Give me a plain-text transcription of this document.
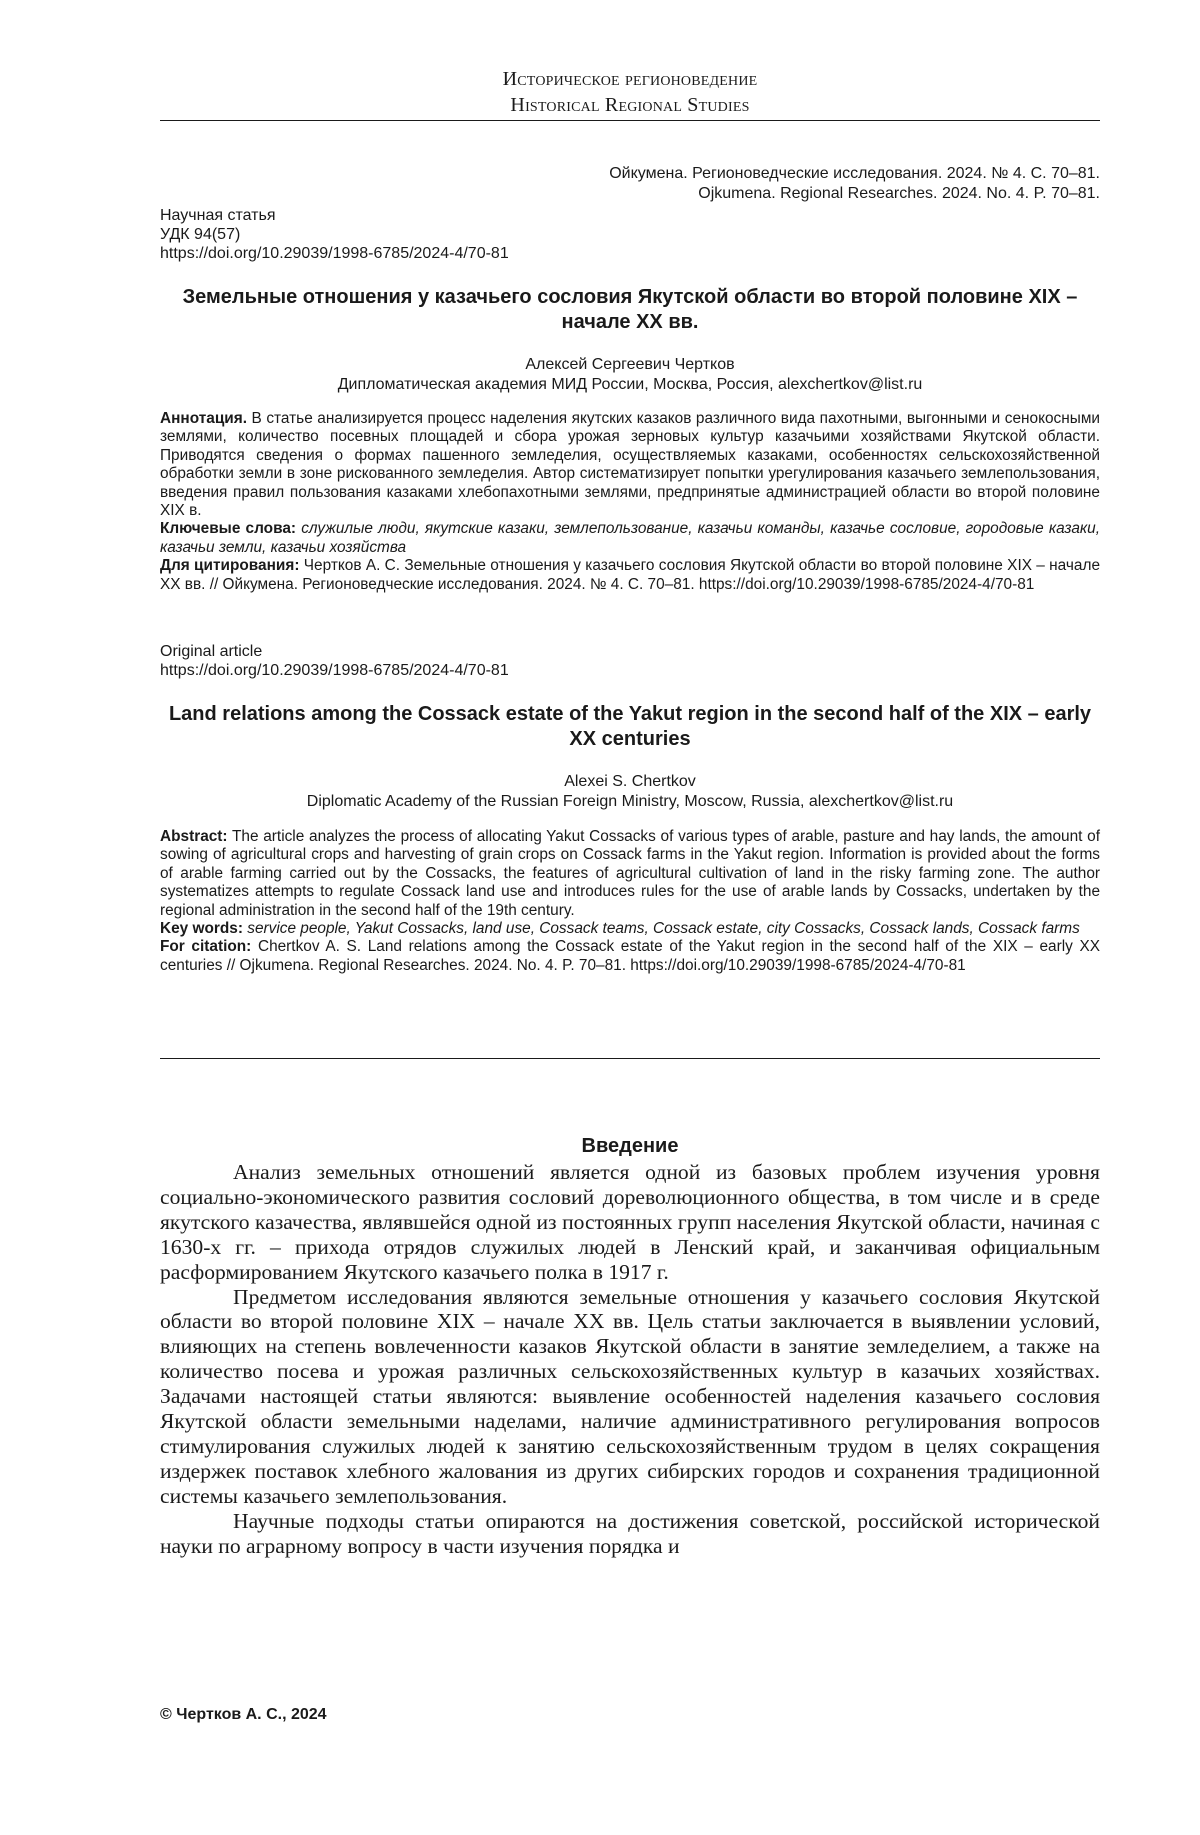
Историческое регионоведение
Historical Regional Studies
Ойкумена. Регионоведческие исследования. 2024. № 4. С. 70–81.
Ojkumena. Regional Researches. 2024. No. 4. P. 70–81.
Научная статья
УДК 94(57)
https://doi.org/10.29039/1998-6785/2024-4/70-81
Земельные отношения у казачьего сословия Якутской области во второй половине XIX – начале XX вв.
Алексей Сергеевич Чертков
Дипломатическая академия МИД России, Москва, Россия, alexchertkov@list.ru
Аннотация. В статье анализируется процесс наделения якутских казаков различного вида пахотными, выгонными и сенокосными землями, количество посевных площадей и сбора урожая зерновых культур казачьими хозяйствами Якутской области. Приводятся сведения о формах пашенного земледелия, осуществляемых казаками, особенностях сельскохозяйственной обработки земли в зоне рискованного земледелия. Автор систематизирует попытки урегулирования казачьего землепользования, введения правил пользования казаками хлебопахотными землями, предпринятые администрацией области во второй половине XIX в.
Ключевые слова: служилые люди, якутские казаки, землепользование, казачьи команды, казачье сословие, городовые казаки, казачьи земли, казачьи хозяйства
Для цитирования: Чертков А. С. Земельные отношения у казачьего сословия Якутской области во второй половине XIX – начале XX вв. // Ойкумена. Регионоведческие исследования. 2024. № 4. С. 70–81. https://doi.org/10.29039/1998-6785/2024-4/70-81
Original article
https://doi.org/10.29039/1998-6785/2024-4/70-81
Land relations among the Cossack estate of the Yakut region in the second half of the XIX – early XX centuries
Alexei S. Chertkov
Diplomatic Academy of the Russian Foreign Ministry, Moscow, Russia, alexchertkov@list.ru
Abstract: The article analyzes the process of allocating Yakut Cossacks of various types of arable, pasture and hay lands, the amount of sowing of agricultural crops and harvesting of grain crops on Cossack farms in the Yakut region. Information is provided about the forms of arable farming carried out by the Cossacks, the features of agricultural cultivation of land in the risky farming zone. The author systematizes attempts to regulate Cossack land use and introduces rules for the use of arable lands by Cossacks, undertaken by the regional administration in the second half of the 19th century.
Key words: service people, Yakut Cossacks, land use, Cossack teams, Cossack estate, city Cossacks, Cossack lands, Cossack farms
For citation: Chertkov A. S. Land relations among the Cossack estate of the Yakut region in the second half of the XIX – early XX centuries // Ojkumena. Regional Researches. 2024. No. 4. P. 70–81. https://doi.org/10.29039/1998-6785/2024-4/70-81
Введение

Анализ земельных отношений является одной из базовых проблем изучения уровня социально-экономического развития сословий дореволюционного общества, в том числе и в среде якутского казачества, являвшейся одной из постоянных групп населения Якутской области, начиная с 1630-х гг. – прихода отрядов служилых людей в Ленский край, и заканчивая официальным расформированием Якутского казачьего полка в 1917 г.

Предметом исследования являются земельные отношения у казачьего сословия Якутской области во второй половине XIX – начале XX вв. Цель статьи заключается в выявлении условий, влияющих на степень вовлеченности казаков Якутской области в занятие земледелием, а также на количество посева и урожая различных сельскохозяйственных культур в казачьих хозяйствах. Задачами настоящей статьи являются: выявление особенностей наделения казачьего сословия Якутской области земельными наделами, наличие административного регулирования вопросов стимулирования служилых людей к занятию сельскохозяйственным трудом в целях сокращения издержек поставок хлебного жалования из других сибирских городов и сохранения традиционной системы казачьего землепользования.

Научные подходы статьи опираются на достижения советской, российской исторической науки по аграрному вопросу в части изучения порядка и

© Чертков А. С., 2024
